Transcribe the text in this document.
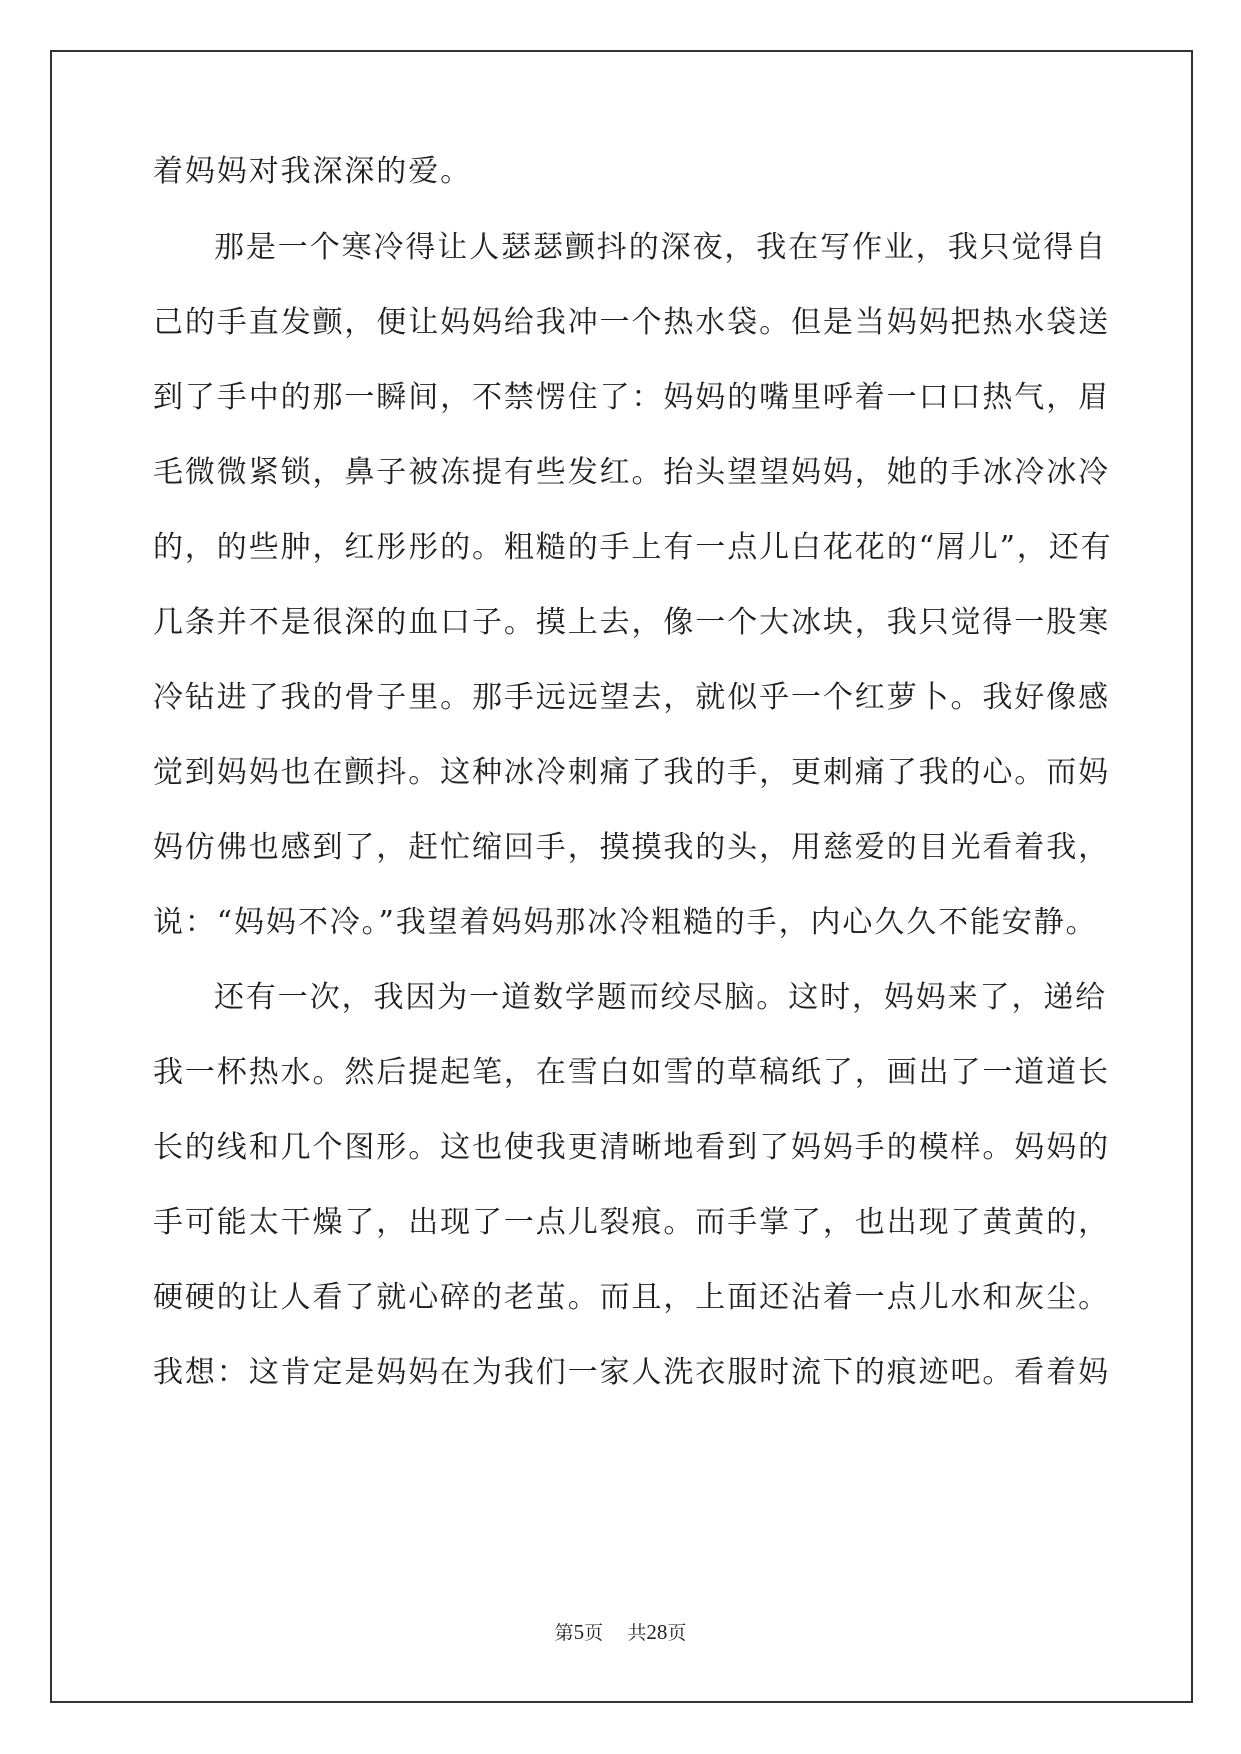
着妈妈对我深深的爱。

那是一个寒冷得让人瑟瑟颤抖的深夜，我在写作业，我只觉得自

己的手直发颤，便让妈妈给我冲一个热水袋。但是当妈妈把热水袋送

到了手中的那一瞬间，不禁愣住了：妈妈的嘴里呼着一口口热气，眉

毛微微紧锁，鼻子被冻提有些发红。抬头望望妈妈，她的手冰冷冰冷

的，的些肿，红彤彤的。粗糙的手上有一点儿白花花的“屑儿”，还有

几条并不是很深的血口子。摸上去，像一个大冰块，我只觉得一股寒

冷钻进了我的骨子里。那手远远望去，就似乎一个红萝卜。我好像感

觉到妈妈也在颤抖。这种冰冷刺痛了我的手，更刺痛了我的心。而妈

妈仿佛也感到了，赶忙缩回手，摸摸我的头，用慈爱的目光看着我，

说：“妈妈不冷。”我望着妈妈那冰冷粗糙的手，内心久久不能安静。

还有一次，我因为一道数学题而绞尽脑。这时，妈妈来了，递给

我一杯热水。然后提起笔，在雪白如雪的草稿纸了，画出了一道道长

长的线和几个图形。这也使我更清晰地看到了妈妈手的模样。妈妈的

手可能太干燥了，出现了一点儿裂痕。而手掌了，也出现了黄黄的，

硬硬的让人看了就心碎的老茧。而且，上面还沾着一点儿水和灰尘。

我想：这肯定是妈妈在为我们一家人洗衣服时流下的痕迹吧。看着妈

第5页 共28页
